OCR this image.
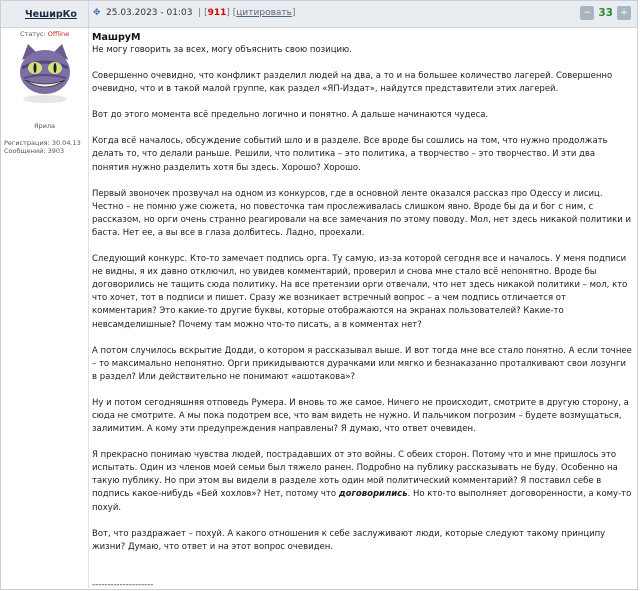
ЧеширКо ✥ 25.03.2023 - 01:03  | [911] [цитировать]	− 33 +
Статус: Offline
Ярила
Регистрация: 30.04.13
Сообщений: 3903
МашруМ

Не могу говорить за всех, могу объяснить свою позицию.

Совершенно очевидно, что конфликт разделил людей на два, а то и на большее количество лагерей. Совершенно очевидно, что и в такой малой группе, как раздел «ЯП-Издат», найдутся представители этих лагерей.

Вот до этого момента всё предельно логично и понятно. А дальше начинаются чудеса.

Когда всё началось, обсуждение событий шло и в разделе. Все вроде бы сошлись на том, что нужно продолжать делать то, что делали раньше. Решили, что политика – это политика, а творчество – это творчество. И эти два понятия нужно разделить хотя бы здесь. Хорошо? Хорошо.

Первый звоночек прозвучал на одном из конкурсов, где в основной ленте оказался рассказ про Одессу и лисиц. Честно – не помню уже сюжета, но повесточка там прослеживалась слишком явно. Вроде бы да и бог с ним, с рассказом, но орги очень странно реагировали на все замечания по этому поводу. Мол, нет здесь никакой политики и баста. Нет ее, а вы все в глаза долбитесь. Ладно, проехали.

Следующий конкурс. Кто-то замечает подпись орга. Ту самую, из-за которой сегодня все и началось. У меня подписи не видны, я их давно отключил, но увидев комментарий, проверил и снова мне стало всё непонятно. Вроде бы договорились не тащить сюда политику. На все претензии орги отвечали, что нет здесь никакой политики – мол, кто что хочет, тот в подписи и пишет. Сразу же возникает встречный вопрос – а чем подпись отличается от комментария? Это какие-то другие буквы, которые отображаются на экранах пользователей? Какие-то невсамделишные? Почему там можно что-то писать, а в комментах нет?

А потом случилось вскрытие Додди, о котором я рассказывал выше. И вот тогда мне все стало понятно. А если точнее – то максимально непонятно. Орги прикидываются дурачками или мягко и безнаказанно проталкивают свои лозунги в раздел? Или действительно не понимают «ашотакова»?

Ну и потом сегодняшняя отповедь Румера. И вновь то же самое. Ничего не происходит, смотрите в другую сторону, а сюда не смотрите. А мы пока подотрем все, что вам видеть не нужно. И пальчиком погрозим – будете возмущаться, залимитим. А кому эти предупреждения направлены? Я думаю, что ответ очевиден.

Я прекрасно понимаю чувства людей, пострадавших от это войны. С обеих сторон. Потому что и мне пришлось это испытать. Один из членов моей семьи был тяжело ранен. Подробно на публику рассказывать не буду. Особенно на такую публику. Но при этом вы видели в разделе хоть один мой политический комментарий? Я поставил себе в подпись какое-нибудь «Бей хохлов»? Нет, потому что договорились. Но кто-то выполняет договоренности, а кому-то похуй.

Вот, что раздражает – похуй. А какого отношения к себе заслуживают люди, которые следуют такому принципу жизни? Думаю, что ответ и на этот вопрос очевиден.

--------------------
